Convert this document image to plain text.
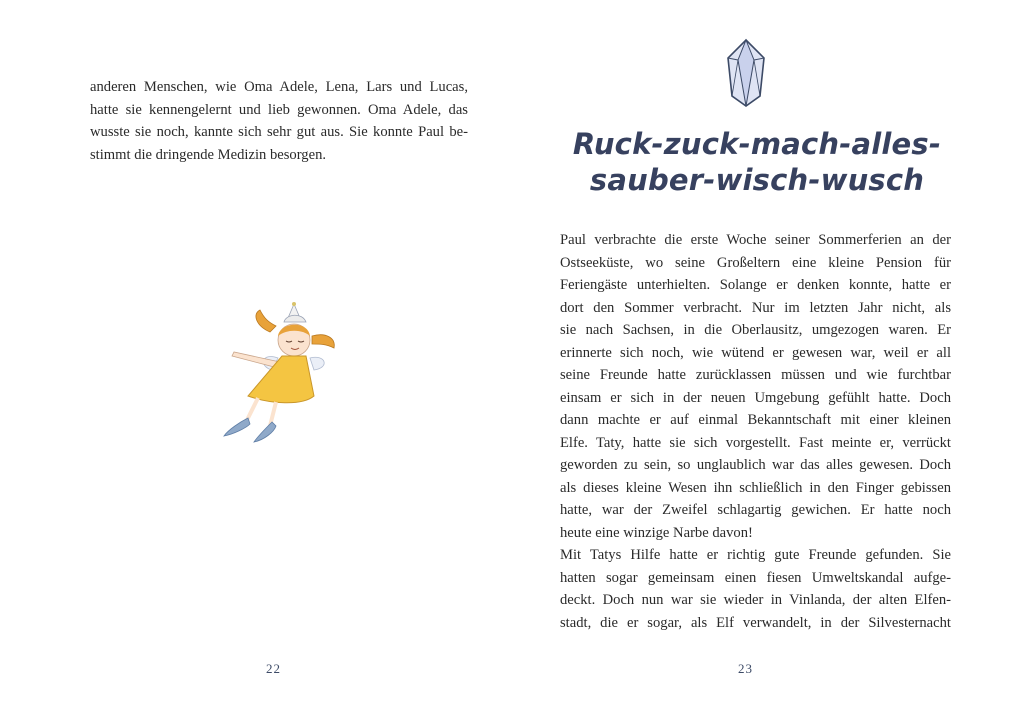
anderen Menschen, wie Oma Adele, Lena, Lars und Lucas,
hatte sie kennengelernt und lieb gewonnen. Oma Adele, das
wusste sie noch, kannte sich sehr gut aus. Sie konnte Paul be-
stimmt die dringende Medizin besorgen.
22
Ruck-zuck-mach-alles-
sauber-wisch-wusch
Paul verbrachte die erste Woche seiner Sommerferien an der
Ostseeküste, wo seine Großeltern eine kleine Pension für
Feriengäste unterhielten. Solange er denken konnte, hatte er
dort den Sommer verbracht. Nur im letzten Jahr nicht, als
sie nach Sachsen, in die Oberlausitz, umgezogen waren. Er
erinnerte sich noch, wie wütend er gewesen war, weil er all
seine Freunde hatte zurücklassen müssen und wie furchtbar
einsam er sich in der neuen Umgebung gefühlt hatte. Doch
dann machte er auf einmal Bekanntschaft mit einer kleinen
Elfe. Taty, hatte sie sich vorgestellt. Fast meinte er, verrückt
geworden zu sein, so unglaublich war das alles gewesen. Doch
als dieses kleine Wesen ihn schließlich in den Finger gebissen
hatte, war der Zweifel schlagartig gewichen. Er hatte noch
heute eine winzige Narbe davon!
Mit Tatys Hilfe hatte er richtig gute Freunde gefunden. Sie
hatten sogar gemeinsam einen fiesen Umweltskandal aufge-
deckt. Doch nun war sie wieder in Vinlanda, der alten Elfen-
stadt, die er sogar, als Elf verwandelt, in der Silvesternacht
23
